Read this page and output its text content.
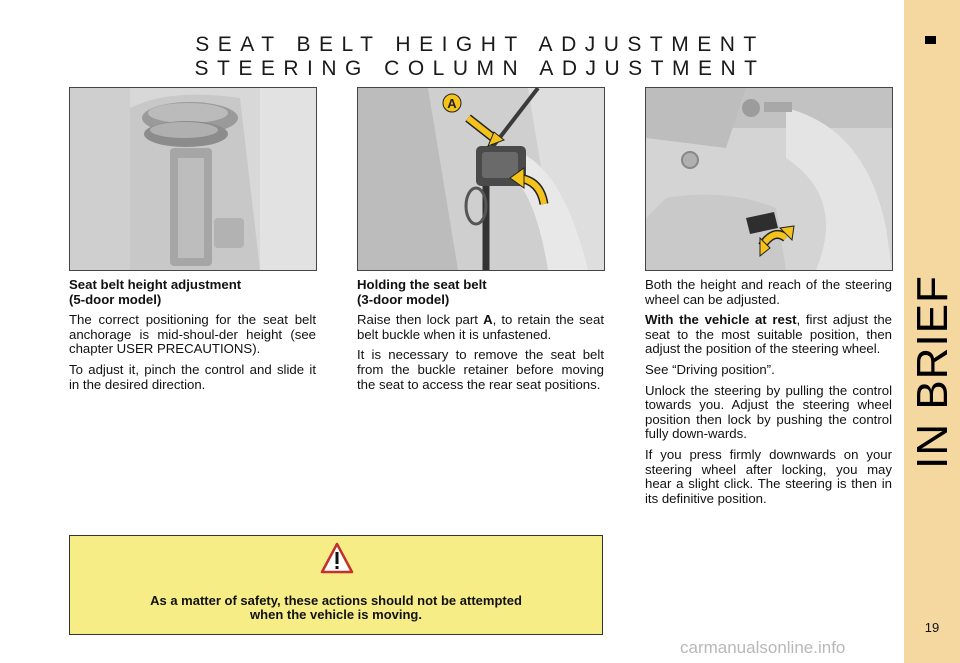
SEAT BELT HEIGHT ADJUSTMENT
STEERING COLUMN ADJUSTMENT
IN BRIEF
19
A
Seat belt height adjustment
(5-door model)

The correct positioning for the seat belt anchorage is mid-shoul-der height (see chapter USER PRECAUTIONS).

To adjust it, pinch the control and slide it in the desired direction.

Holding the seat belt
(3-door model)

Raise then lock part A, to retain the seat belt buckle when it is unfastened.

It is necessary to remove the seat belt from the buckle retainer before moving the seat to access the rear seat positions.

Both the height and reach of the steering wheel can be adjusted.

With the vehicle at rest, first adjust the seat to the most suitable position, then adjust the position of the steering wheel.

See “Driving position”.

Unlock the steering by pulling the control towards you. Adjust the steering wheel position then lock by pushing the control fully down-wards.

If you press firmly downwards on your steering wheel after locking, you may hear a slight click. The steering is then in its definitive position.

As a matter of safety, these actions should not be attempted
when the vehicle is moving.
carmanualsonline.info
